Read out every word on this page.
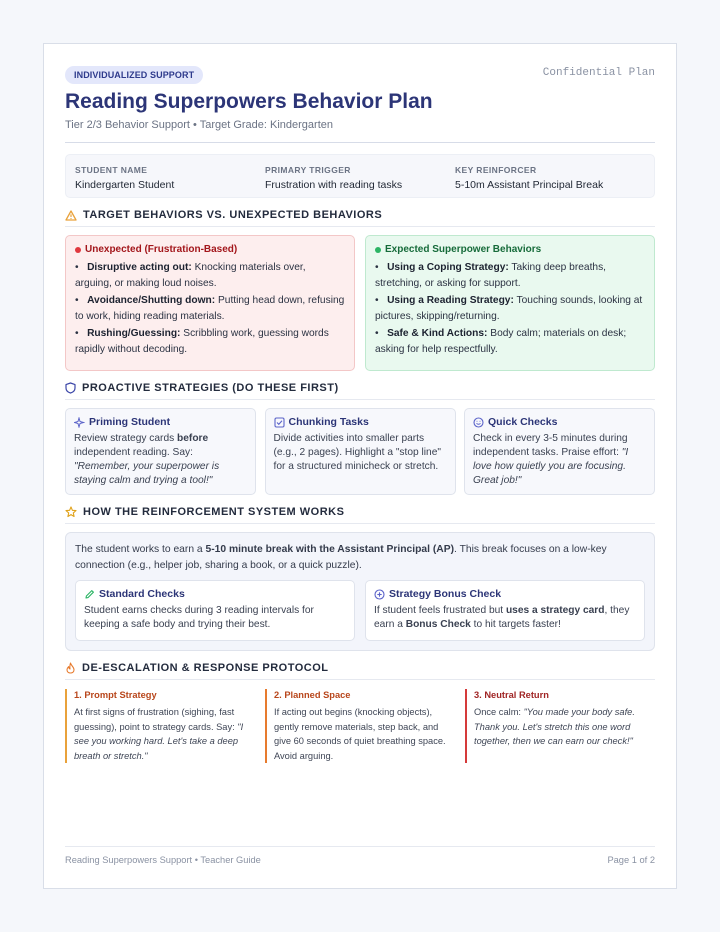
INDIVIDUALIZED SUPPORT	Confidential Plan
Reading Superpowers Behavior Plan
Tier 2/3 Behavior Support • Target Grade: Kindergarten
STUDENT NAME
Kindergarten Student
PRIMARY TRIGGER
Frustration with reading tasks
KEY REINFORCER
5-10m Assistant Principal Break
TARGET BEHAVIORS VS. UNEXPECTED BEHAVIORS
Unexpected (Frustration-Based)
•   Disruptive acting out: Knocking materials over, arguing, or making loud noises.
•   Avoidance/Shutting down: Putting head down, refusing to work, hiding reading materials.
•   Rushing/Guessing: Scribbling work, guessing words rapidly without decoding.
Expected Superpower Behaviors
•   Using a Coping Strategy: Taking deep breaths, stretching, or asking for support.
•   Using a Reading Strategy: Touching sounds, looking at pictures, skipping/returning.
•   Safe & Kind Actions: Body calm; materials on desk; asking for help respectfully.
PROACTIVE STRATEGIES (DO THESE FIRST)
Priming Student
Review strategy cards before independent reading. Say: "Remember, your superpower is staying calm and trying a tool!"
Chunking Tasks
Divide activities into smaller parts (e.g., 2 pages). Highlight a "stop line" for a structured minicheck or stretch.
Quick Checks
Check in every 3-5 minutes during independent tasks. Praise effort: "I love how quietly you are focusing. Great job!"
HOW THE REINFORCEMENT SYSTEM WORKS
The student works to earn a 5-10 minute break with the Assistant Principal (AP). This break focuses on a low-key connection (e.g., helper job, sharing a book, or a quick puzzle).
Standard Checks
Student earns checks during 3 reading intervals for keeping a safe body and trying their best.
Strategy Bonus Check
If student feels frustrated but uses a strategy card, they earn a Bonus Check to hit targets faster!
DE-ESCALATION & RESPONSE PROTOCOL
1. Prompt Strategy
At first signs of frustration (sighing, fast guessing), point to strategy cards. Say: "I see you working hard. Let's take a deep breath or stretch."
2. Planned Space
If acting out begins (knocking objects), gently remove materials, step back, and give 60 seconds of quiet breathing space. Avoid arguing.
3. Neutral Return
Once calm: "You made your body safe. Thank you. Let's stretch this one word together, then we can earn our check!"
Reading Superpowers Support • Teacher Guide	Page 1 of 2
